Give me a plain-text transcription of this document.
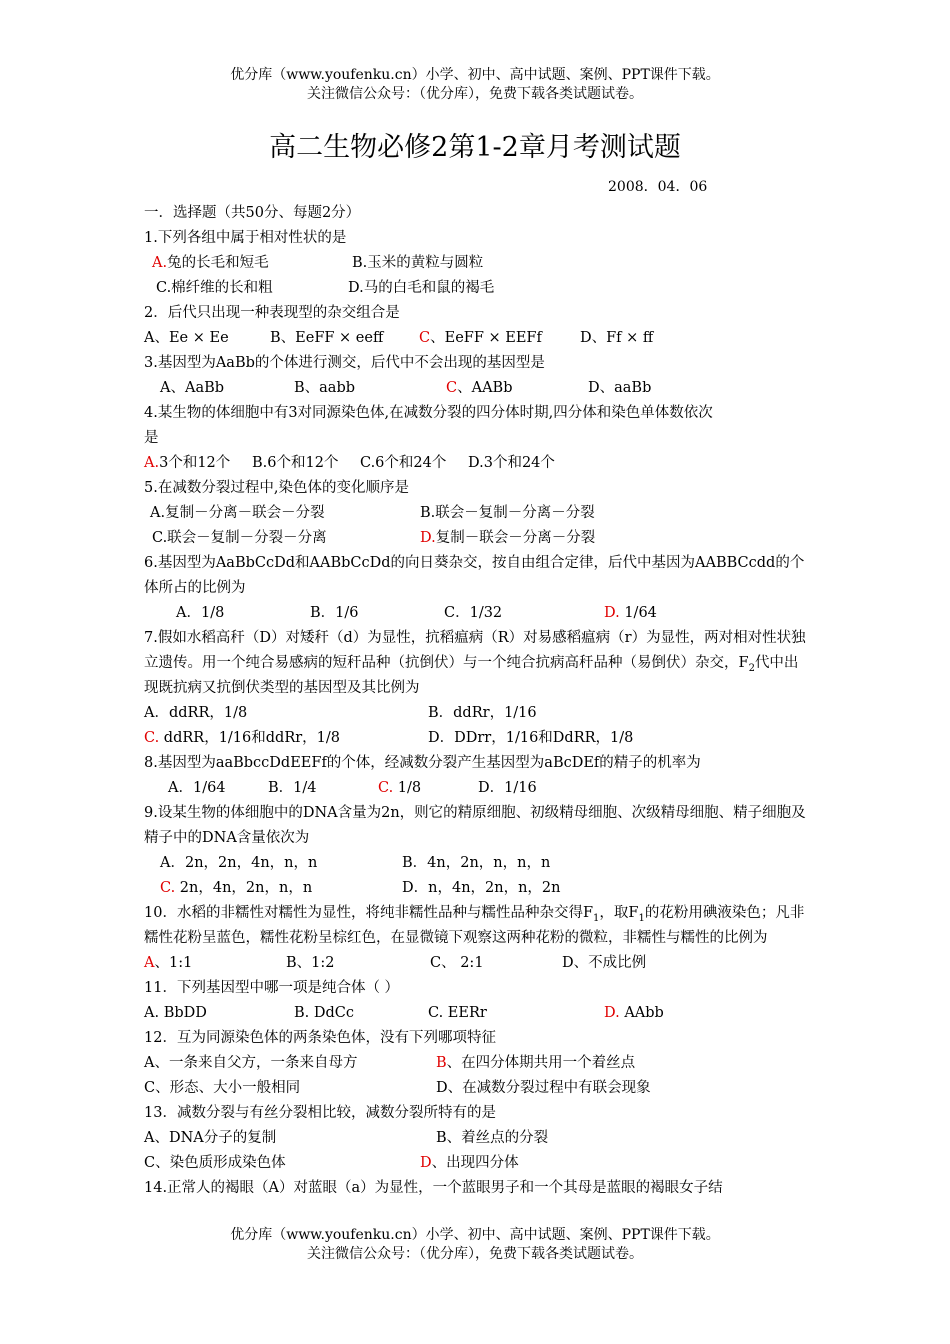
优分库（www.youfenku.cn）小学、初中、高中试题、案例、PPT课件下载。
关注微信公众号：（优分库），免费下载各类试题试卷。
高二生物必修2第1-2章月考测试题
2008．04．06
一．选择题（共50分、每题2分）
1.下列各组中属于相对性状的是
A.兔的长毛和短毛	B.玉米的黄粒与圆粒
C.棉纤维的长和粗	D.马的白毛和鼠的褐毛
2．后代只出现一种表现型的杂交组合是
A、Ee × Ee	B、EeFF × eeff C、EeFF × EEFf	D、Ff × ff
3.基因型为AaBb的个体进行测交，后代中不会出现的基因型是
A、AaBb	B、aabb	C、AABb	D、aaBb
4.某生物的体细胞中有3对同源染色体,在减数分裂的四分体时期,四分体和染色单体数依次
是
A.3个和12个 B.6个和12个 C.6个和24个 D.3个和24个
5.在减数分裂过程中,染色体的变化顺序是
A.复制－分离－联会－分裂	B.联会－复制－分离－分裂
C.联会－复制－分裂－分离	D.复制－联会－分离－分裂
6.基因型为AaBbCcDd和AABbCcDd的向日葵杂交，按自由组合定律，后代中基因为AABBCcdd的个体所占的比例为
A．1/8	B．1/6	C．1/32	D. 1/64
7.假如水稻高秆（D）对矮秆（d）为显性，抗稻瘟病（R）对易感稻瘟病（r）为显性，两对相对性状独立遗传。用一个纯合易感病的短秆品种（抗倒伏）与一个纯合抗病高秆品种（易倒伏）杂交，$F_2$代中出现既抗病又抗倒伏类型的基因型及其比例为
A．ddRR，1/8	B．ddRr，1/16
C. ddRR，1/16和ddRr，1/8	D．DDrr，1/16和DdRR，1/8
8.基因型为aaBbccDdEEFf的个体，经减数分裂产生基因型为aBcDEf的精子的机率为
A．1/64	B．1/4	C. 1/8	D．1/16
9.设某生物的体细胞中的DNA含量为2n，则它的精原细胞、初级精母细胞、次级精母细胞、精子细胞及精子中的DNA含量依次为
A．2n，2n，4n，n，n	B．4n，2n，n，n，n
C. 2n，4n，2n，n，n	D．n，4n，2n，n，2n
10．水稻的非糯性对糯性为显性，将纯非糯性品种与糯性品种杂交得$F_1$，取$F_1$的花粉用碘液染色；凡非糯性花粉呈蓝色，糯性花粉呈棕红色，在显微镜下观察这两种花粉的微粒，非糯性与糯性的比例为
A、1:1	B、1:2	C、 2:1	D、不成比例
11．下列基因型中哪一项是纯合体（ ）
A. BbDD	B. DdCc	C. EERr	D. AAbb
12．互为同源染色体的两条染色体，没有下列哪项特征
A、一条来自父方，一条来自母方	B、在四分体期共用一个着丝点
C、形态、大小一般相同	D、在减数分裂过程中有联会现象
13．减数分裂与有丝分裂相比较，减数分裂所特有的是
A、DNA分子的复制	B、着丝点的分裂
C、染色质形成染色体	D、出现四分体
14.正常人的褐眼（A）对蓝眼（a）为显性，一个蓝眼男子和一个其母是蓝眼的褐眼女子结
优分库（www.youfenku.cn）小学、初中、高中试题、案例、PPT课件下载。
关注微信公众号：（优分库），免费下载各类试题试卷。
